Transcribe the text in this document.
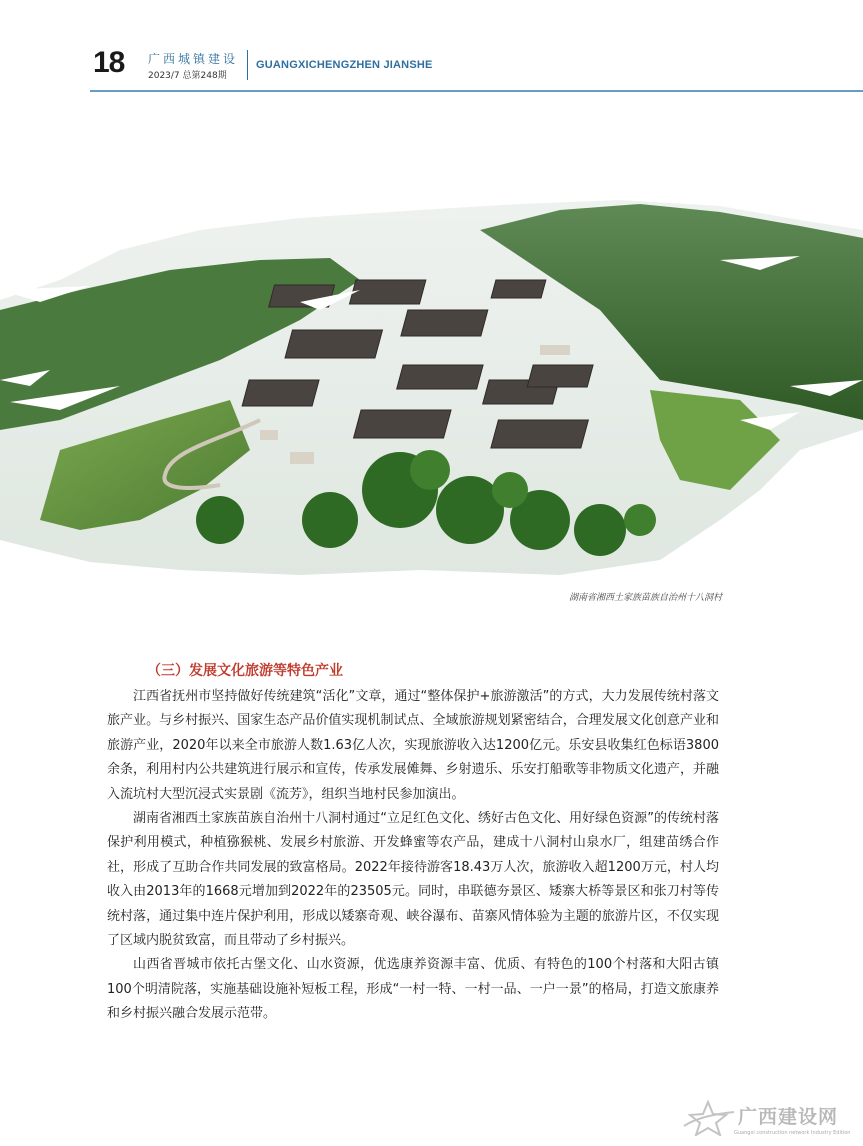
18 广西城镇建设
2023/7 总第248期
GUANGXICHENGZHEN JIANSHE
湖南省湘西土家族苗族自治州十八洞村
（三）发展文化旅游等特色产业

江西省抚州市坚持做好传统建筑“活化”文章，通过“整体保护+旅游激活”的方式，大力发展传统村落文旅产业。与乡村振兴、国家生态产品价值实现机制试点、全域旅游规划紧密结合，合理发展文化创意产业和旅游产业，2020年以来全市旅游人数1.63亿人次，实现旅游收入达1200亿元。乐安县收集红色标语3800余条，利用村内公共建筑进行展示和宣传，传承发展傩舞、乡射遗乐、乐安打船歌等非物质文化遗产，并融入流坑村大型沉浸式实景剧《流芳》，组织当地村民参加演出。

湖南省湘西土家族苗族自治州十八洞村通过“立足红色文化、绣好古色文化、用好绿色资源”的传统村落保护利用模式，种植猕猴桃、发展乡村旅游、开发蜂蜜等农产品，建成十八洞村山泉水厂，组建苗绣合作社，形成了互助合作共同发展的致富格局。2022年接待游客18.43万人次，旅游收入超1200万元，村人均收入由2013年的1668元增加到2022年的23505元。同时，串联德夯景区、矮寨大桥等景区和张刀村等传统村落，通过集中连片保护利用，形成以矮寨奇观、峡谷瀑布、苗寨风情体验为主题的旅游片区，不仅实现了区域内脱贫致富，而且带动了乡村振兴。

山西省晋城市依托古堡文化、山水资源，优选康养资源丰富、优质、有特色的100个村落和大阳古镇100个明清院落，实施基础设施补短板工程，形成“一村一特、一村一品、一户一景”的格局，打造文旅康养和乡村振兴融合发展示范带。

广西建设网
Guangxi construction network Industry Edition
